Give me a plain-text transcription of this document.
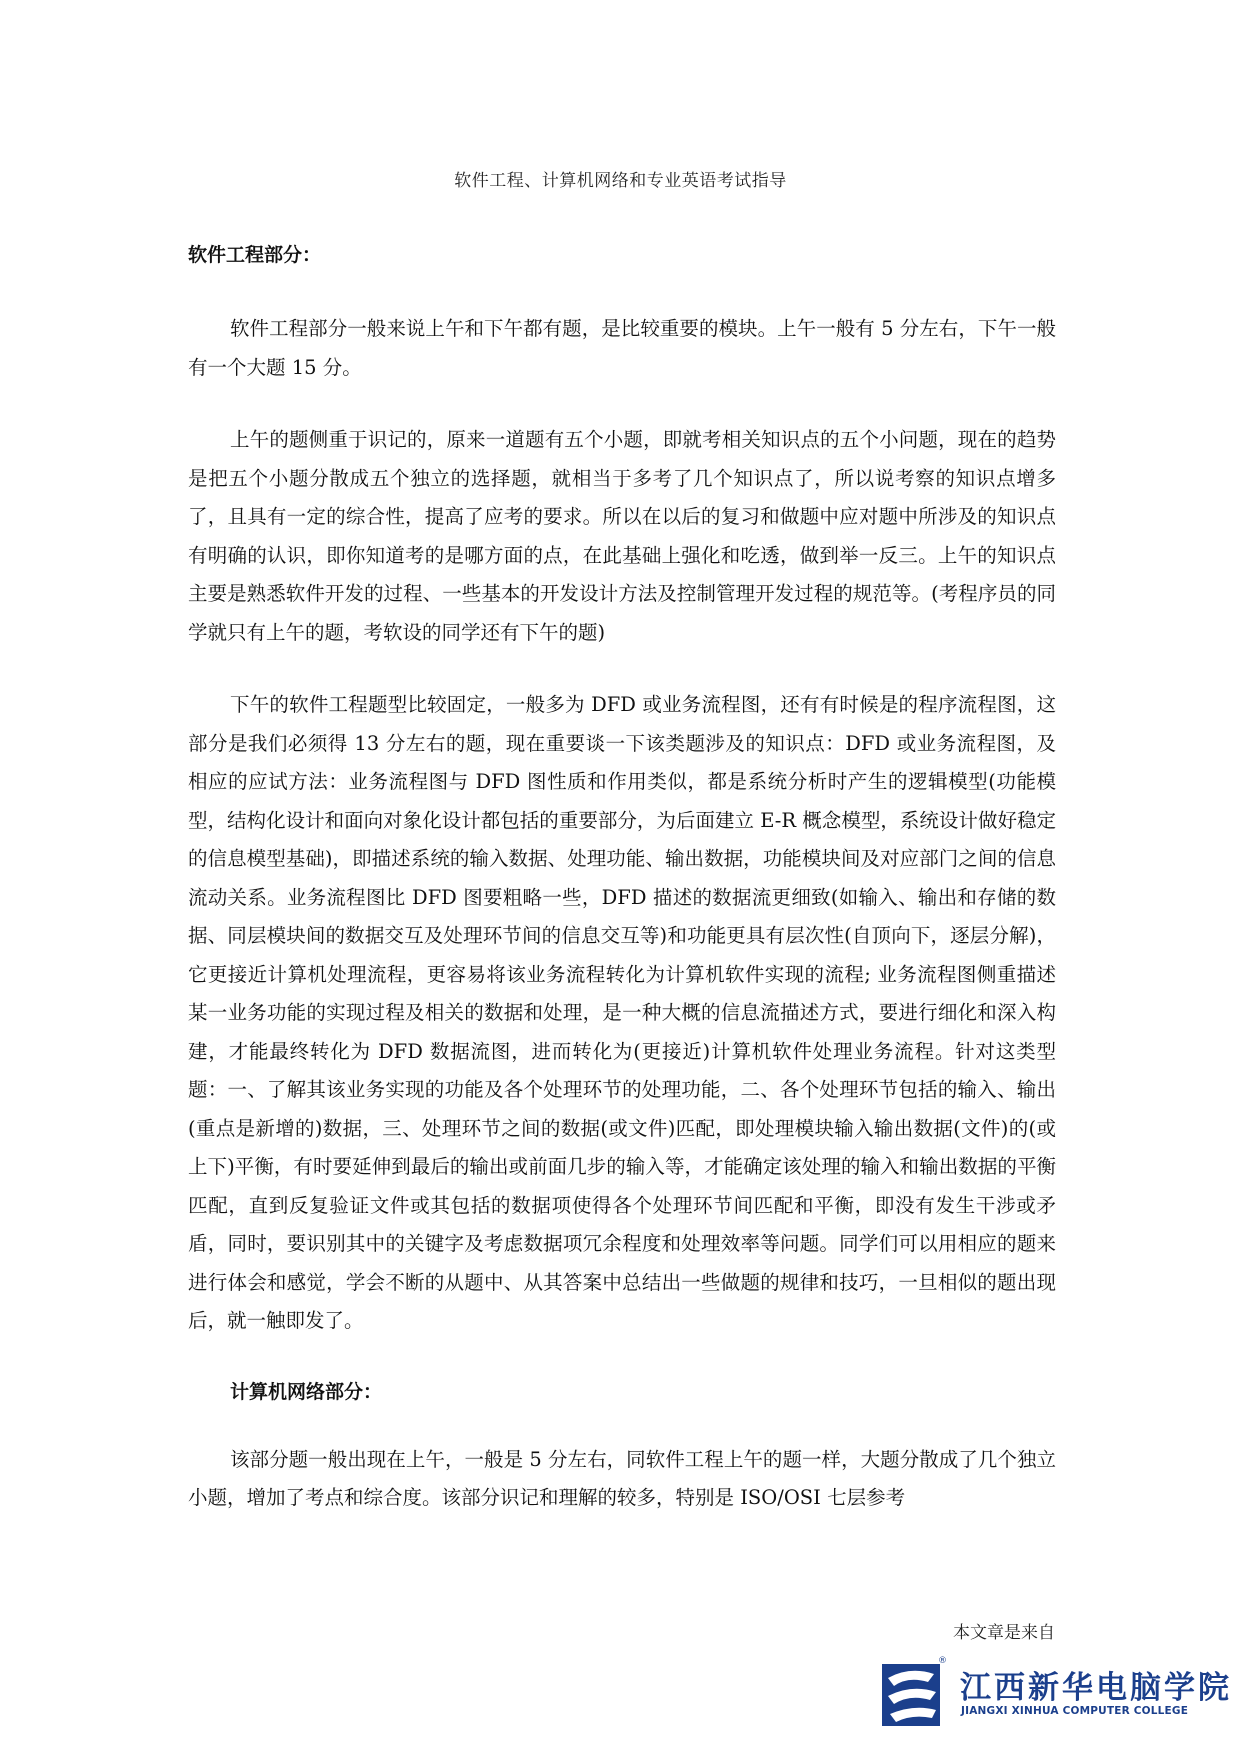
软件工程、计算机网络和专业英语考试指导
软件工程部分：

软件工程部分一般来说上午和下午都有题，是比较重要的模块。上午一般有 5 分左右，下午一般有一个大题 15 分。

上午的题侧重于识记的，原来一道题有五个小题，即就考相关知识点的五个小问题，现在的趋势是把五个小题分散成五个独立的选择题，就相当于多考了几个知识点了，所以说考察的知识点增多了，且具有一定的综合性，提高了应考的要求。所以在以后的复习和做题中应对题中所涉及的知识点有明确的认识，即你知道考的是哪方面的点，在此基础上强化和吃透，做到举一反三。上午的知识点主要是熟悉软件开发的过程、一些基本的开发设计方法及控制管理开发过程的规范等。(考程序员的同学就只有上午的题，考软设的同学还有下午的题)

下午的软件工程题型比较固定，一般多为 DFD 或业务流程图，还有有时候是的程序流程图，这部分是我们必须得 13 分左右的题，现在重要谈一下该类题涉及的知识点：DFD 或业务流程图，及相应的应试方法：业务流程图与 DFD 图性质和作用类似，都是系统分析时产生的逻辑模型(功能模型，结构化设计和面向对象化设计都包括的重要部分，为后面建立 E-R 概念模型，系统设计做好稳定的信息模型基础)，即描述系统的输入数据、处理功能、输出数据，功能模块间及对应部门之间的信息流动关系。业务流程图比 DFD 图要粗略一些，DFD 描述的数据流更细致(如输入、输出和存储的数据、同层模块间的数据交互及处理环节间的信息交互等)和功能更具有层次性(自顶向下，逐层分解)，它更接近计算机处理流程，更容易将该业务流程转化为计算机软件实现的流程; 业务流程图侧重描述某一业务功能的实现过程及相关的数据和处理，是一种大概的信息流描述方式，要进行细化和深入构建，才能最终转化为 DFD 数据流图，进而转化为(更接近)计算机软件处理业务流程。针对这类型题：一、了解其该业务实现的功能及各个处理环节的处理功能，二、各个处理环节包括的输入、输出(重点是新增的)数据，三、处理环节之间的数据(或文件)匹配，即处理模块输入输出数据(文件)的(或上下)平衡，有时要延伸到最后的输出或前面几步的输入等，才能确定该处理的输入和输出数据的平衡匹配，直到反复验证文件或其包括的数据项使得各个处理环节间匹配和平衡，即没有发生干涉或矛盾，同时，要识别其中的关键字及考虑数据项冗余程度和处理效率等问题。同学们可以用相应的题来进行体会和感觉，学会不断的从题中、从其答案中总结出一些做题的规律和技巧，一旦相似的题出现后，就一触即发了。

计算机网络部分：

该部分题一般出现在上午，一般是 5 分左右，同软件工程上午的题一样，大题分散成了几个独立小题，增加了考点和综合度。该部分识记和理解的较多，特别是 ISO/OSI 七层参考

本文章是来自
®
江西新华电脑学院
JIANGXI XINHUA COMPUTER COLLEGE
